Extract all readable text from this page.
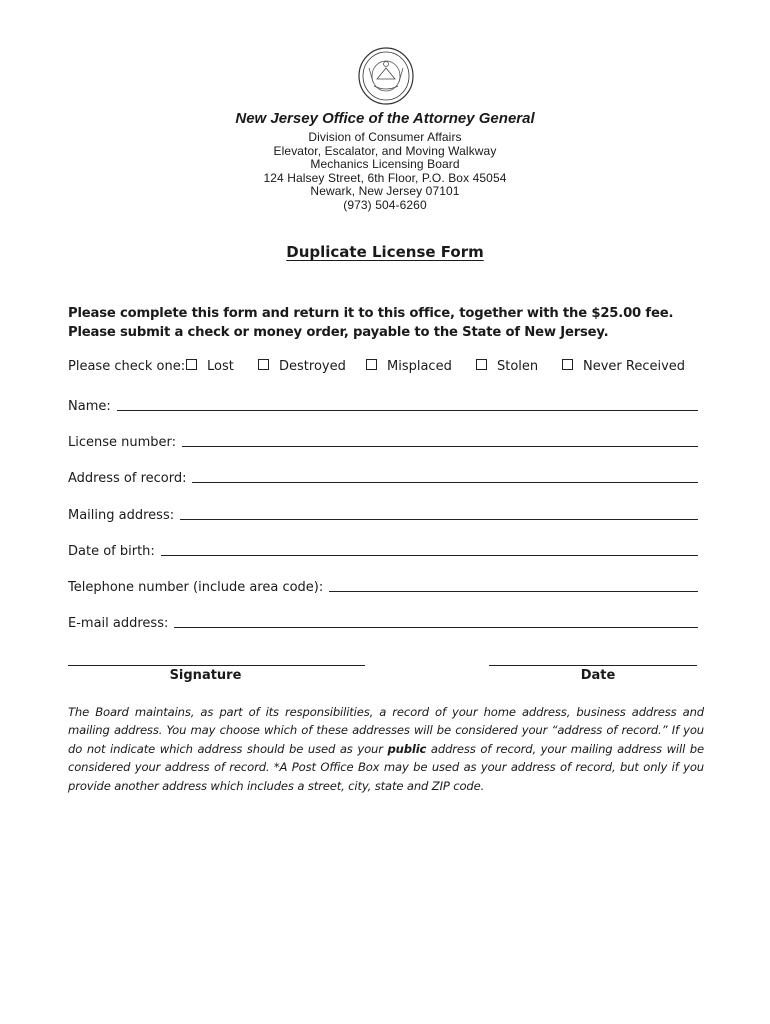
New Jersey Office of the Attorney General
Division of Consumer Affairs
Elevator, Escalator, and Moving Walkway
Mechanics Licensing Board
124 Halsey Street, 6th Floor, P.O. Box 45054
Newark, New Jersey 07101
(973) 504-6260
Duplicate License Form
Please complete this form and return it to this office, together with the $25.00 fee. Please submit a check or money order, payable to the State of New Jersey.
Please check one:	Lost	Destroyed	Misplaced	Stolen	Never Received
Name:
License number:
Address of record:
Mailing address:
Date of birth:
Telephone number (include area code):
E-mail address:
Signature	Date
The Board maintains, as part of its responsibilities, a record of your home address, business address and mailing address. You may choose which of these addresses will be considered your “address of record.” If you do not indicate which address should be used as your public address of record, your mailing address will be considered your address of record. *A Post Office Box may be used as your address of record, but only if you provide another address which includes a street, city, state and ZIP code.
